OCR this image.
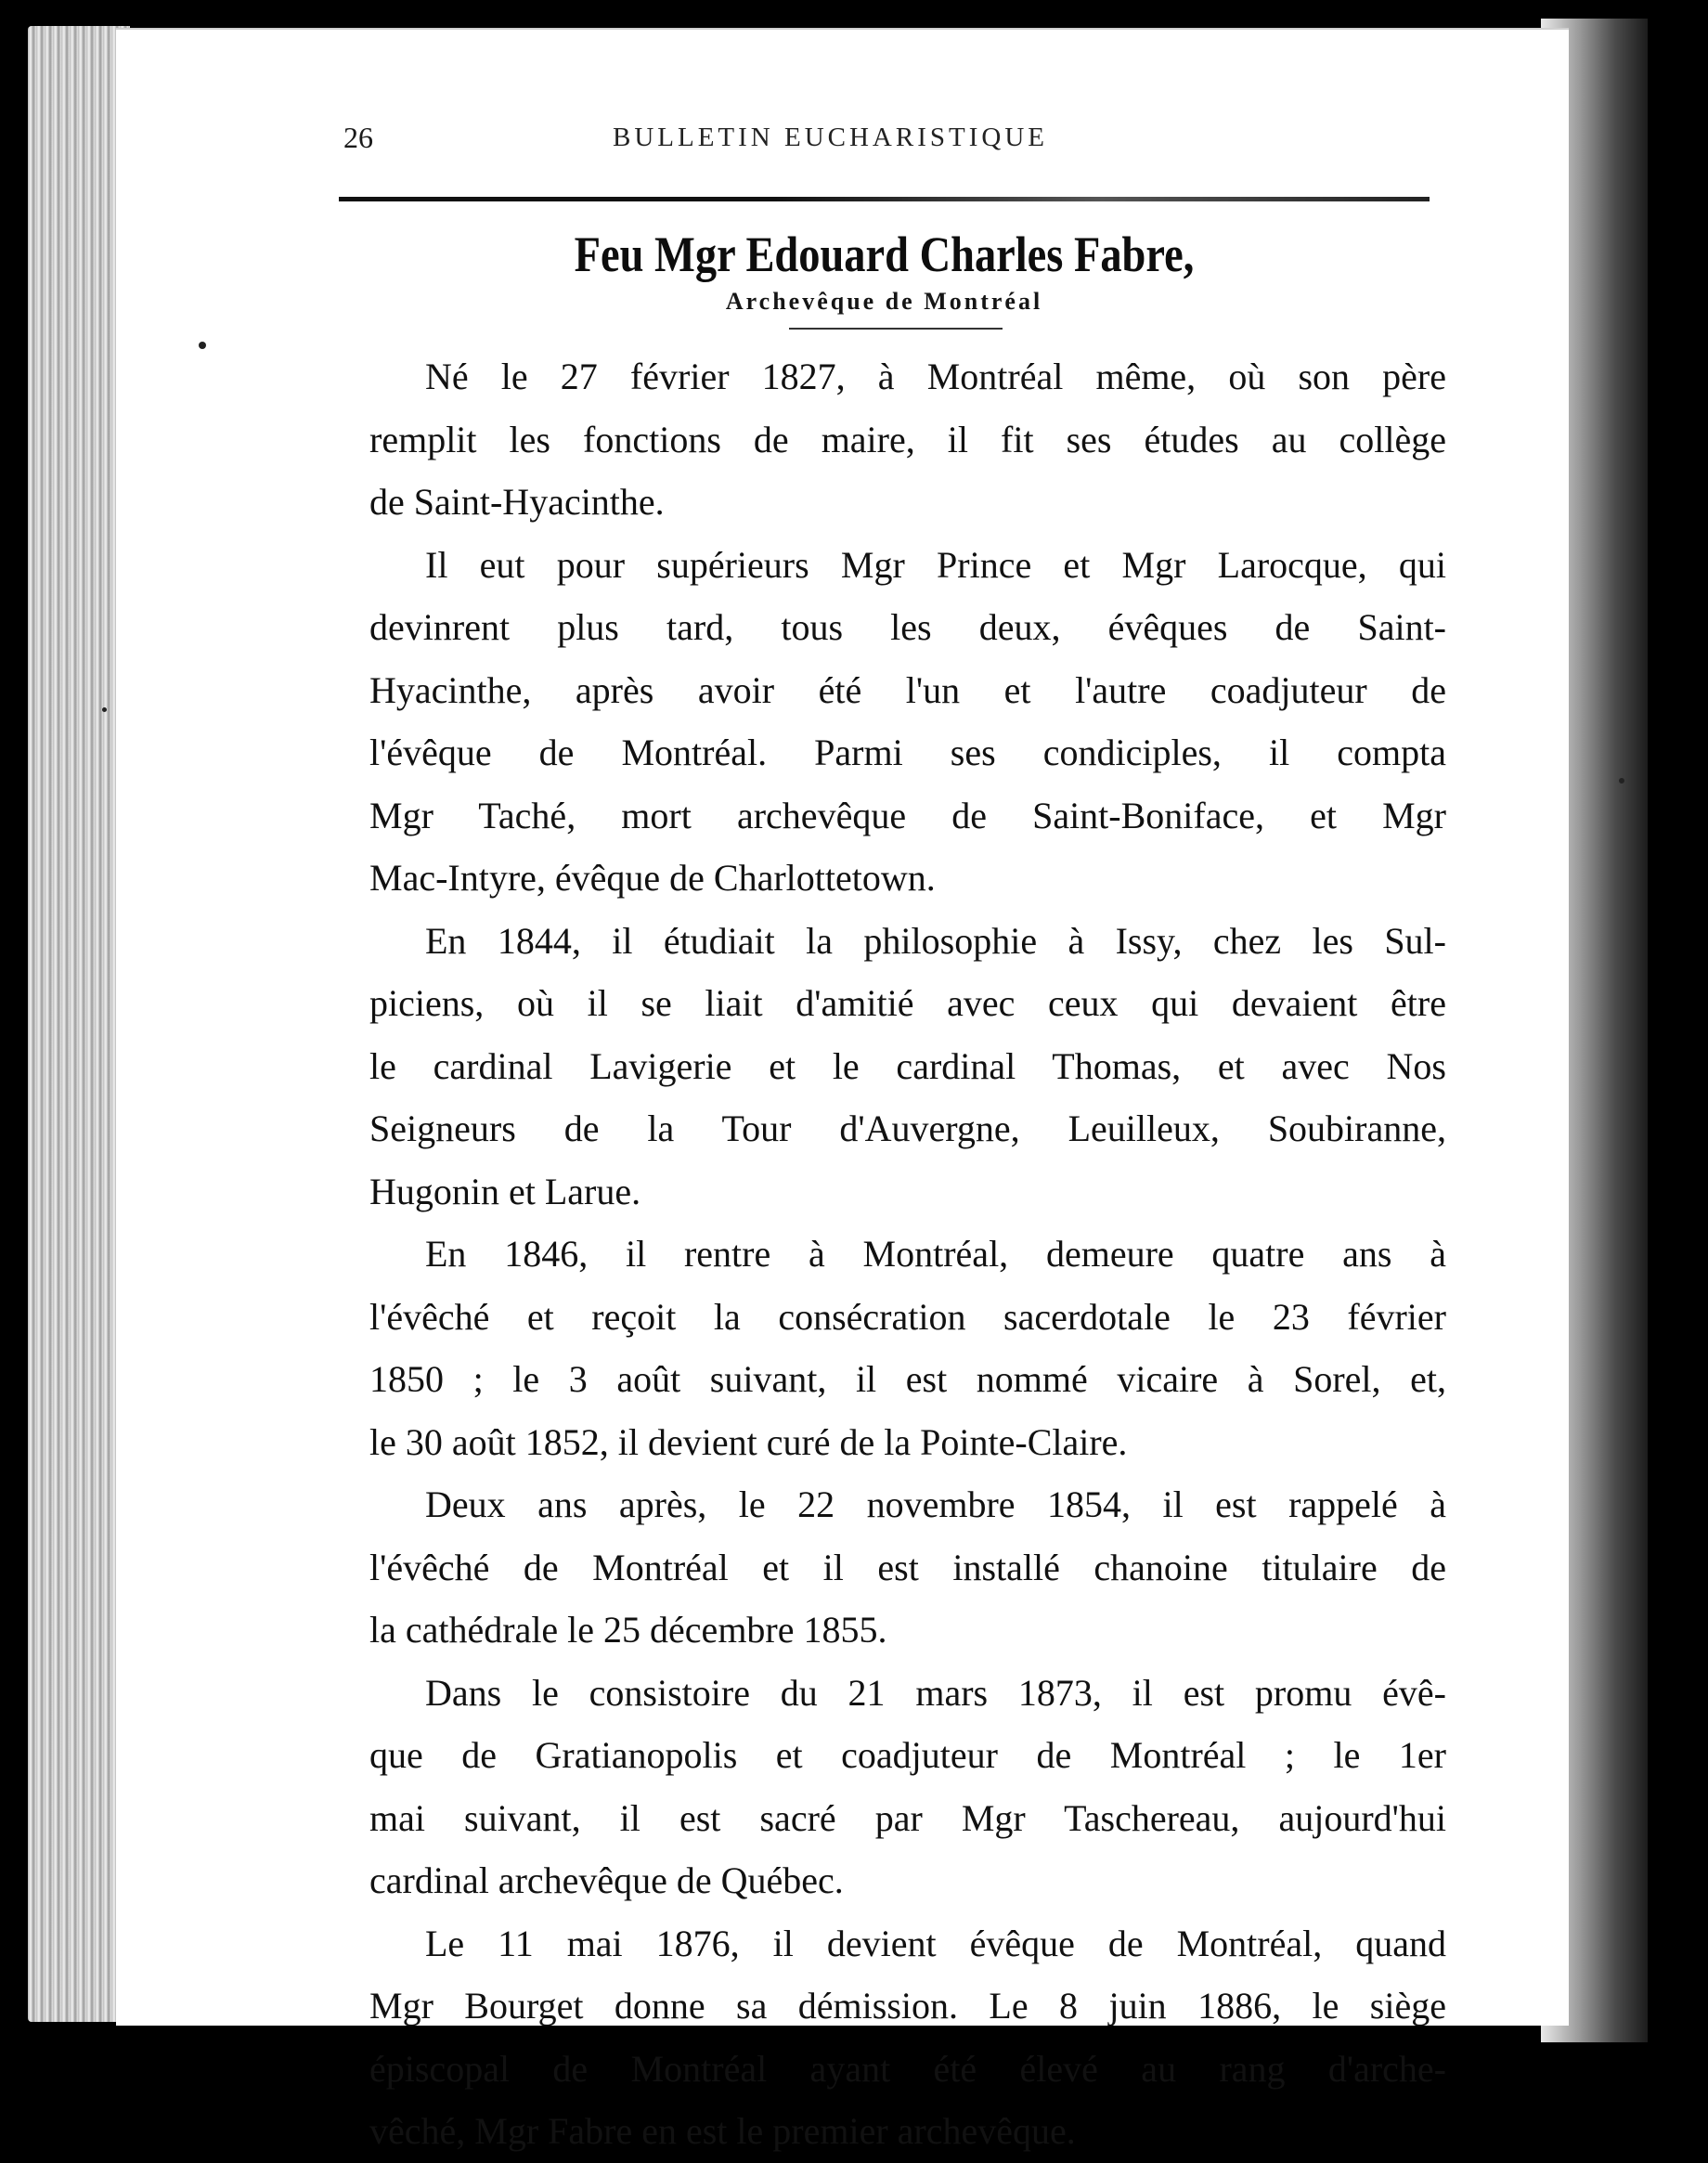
26	BULLETIN EUCHARISTIQUE
Feu Mgr Edouard Charles Fabre,
Archevêque de Montréal
Né le 27 février 1827, à Montréal même, où son père
remplit les fonctions de maire, il fit ses études au collège
de Saint-Hyacinthe.
Il eut pour supérieurs Mgr Prince et Mgr Larocque, qui
devinrent plus tard, tous les deux, évêques de Saint-
Hyacinthe, après avoir été l'un et l'autre coadjuteur de
l'évêque de Montréal. Parmi ses condiciples, il compta
Mgr Taché, mort archevêque de Saint-Boniface, et Mgr
Mac-Intyre, évêque de Charlottetown.
En 1844, il étudiait la philosophie à Issy, chez les Sul-
piciens, où il se liait d'amitié avec ceux qui devaient être
le cardinal Lavigerie et le cardinal Thomas, et avec Nos
Seigneurs de la Tour d'Auvergne, Leuilleux, Soubiranne,
Hugonin et Larue.
En 1846, il rentre à Montréal, demeure quatre ans à
l'évêché et reçoit la consécration sacerdotale le 23 février
1850 ; le 3 août suivant, il est nommé vicaire à Sorel, et,
le 30 août 1852, il devient curé de la Pointe-Claire.
Deux ans après, le 22 novembre 1854, il est rappelé à
l'évêché de Montréal et il est installé chanoine titulaire de
la cathédrale le 25 décembre 1855.
Dans le consistoire du 21 mars 1873, il est promu évê-
que de Gratianopolis et coadjuteur de Montréal ; le 1er
mai suivant, il est sacré par Mgr Taschereau, aujourd'hui
cardinal archevêque de Québec.
Le 11 mai 1876, il devient évêque de Montréal, quand
Mgr Bourget donne sa démission. Le 8 juin 1886, le siège
épiscopal de Montréal ayant été élevé au rang d'arche-
vêché, Mgr Fabre en est le premier archevêque.
